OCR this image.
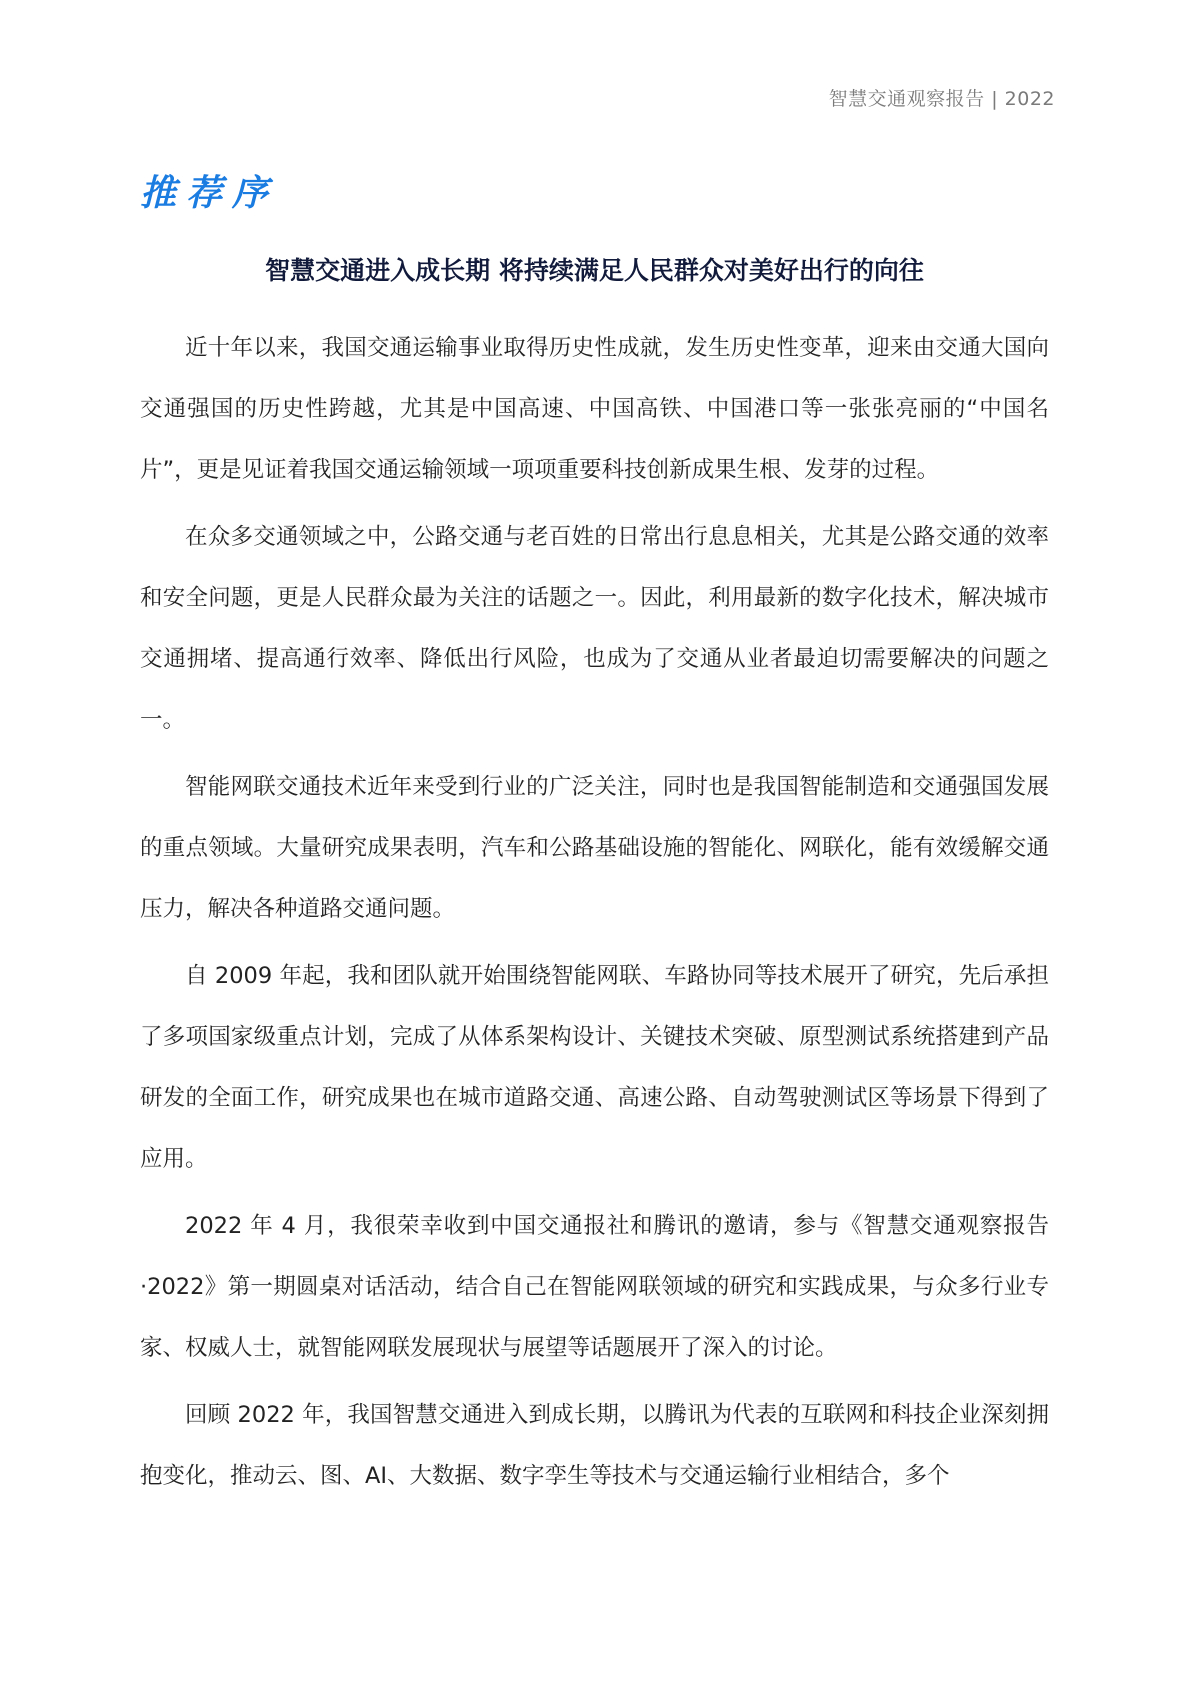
智慧交通观察报告 | 2022
推荐序
智慧交通进入成长期 将持续满足人民群众对美好出行的向往

近十年以来，我国交通运输事业取得历史性成就，发生历史性变革，迎来由交通大国向交通强国的历史性跨越，尤其是中国高速、中国高铁、中国港口等一张张亮丽的“中国名片”，更是见证着我国交通运输领域一项项重要科技创新成果生根、发芽的过程。

在众多交通领域之中，公路交通与老百姓的日常出行息息相关，尤其是公路交通的效率和安全问题，更是人民群众最为关注的话题之一。因此，利用最新的数字化技术，解决城市交通拥堵、提高通行效率、降低出行风险，也成为了交通从业者最迫切需要解决的问题之一。

智能网联交通技术近年来受到行业的广泛关注，同时也是我国智能制造和交通强国发展的重点领域。大量研究成果表明，汽车和公路基础设施的智能化、网联化，能有效缓解交通压力，解决各种道路交通问题。

自 2009 年起，我和团队就开始围绕智能网联、车路协同等技术展开了研究，先后承担了多项国家级重点计划，完成了从体系架构设计、关键技术突破、原型测试系统搭建到产品研发的全面工作，研究成果也在城市道路交通、高速公路、自动驾驶测试区等场景下得到了应用。

2022 年 4 月，我很荣幸收到中国交通报社和腾讯的邀请，参与《智慧交通观察报告·2022》第一期圆桌对话活动，结合自己在智能网联领域的研究和实践成果，与众多行业专家、权威人士，就智能网联发展现状与展望等话题展开了深入的讨论。

回顾 2022 年，我国智慧交通进入到成长期，以腾讯为代表的互联网和科技企业深刻拥抱变化，推动云、图、AI、大数据、数字孪生等技术与交通运输行业相结合，多个
